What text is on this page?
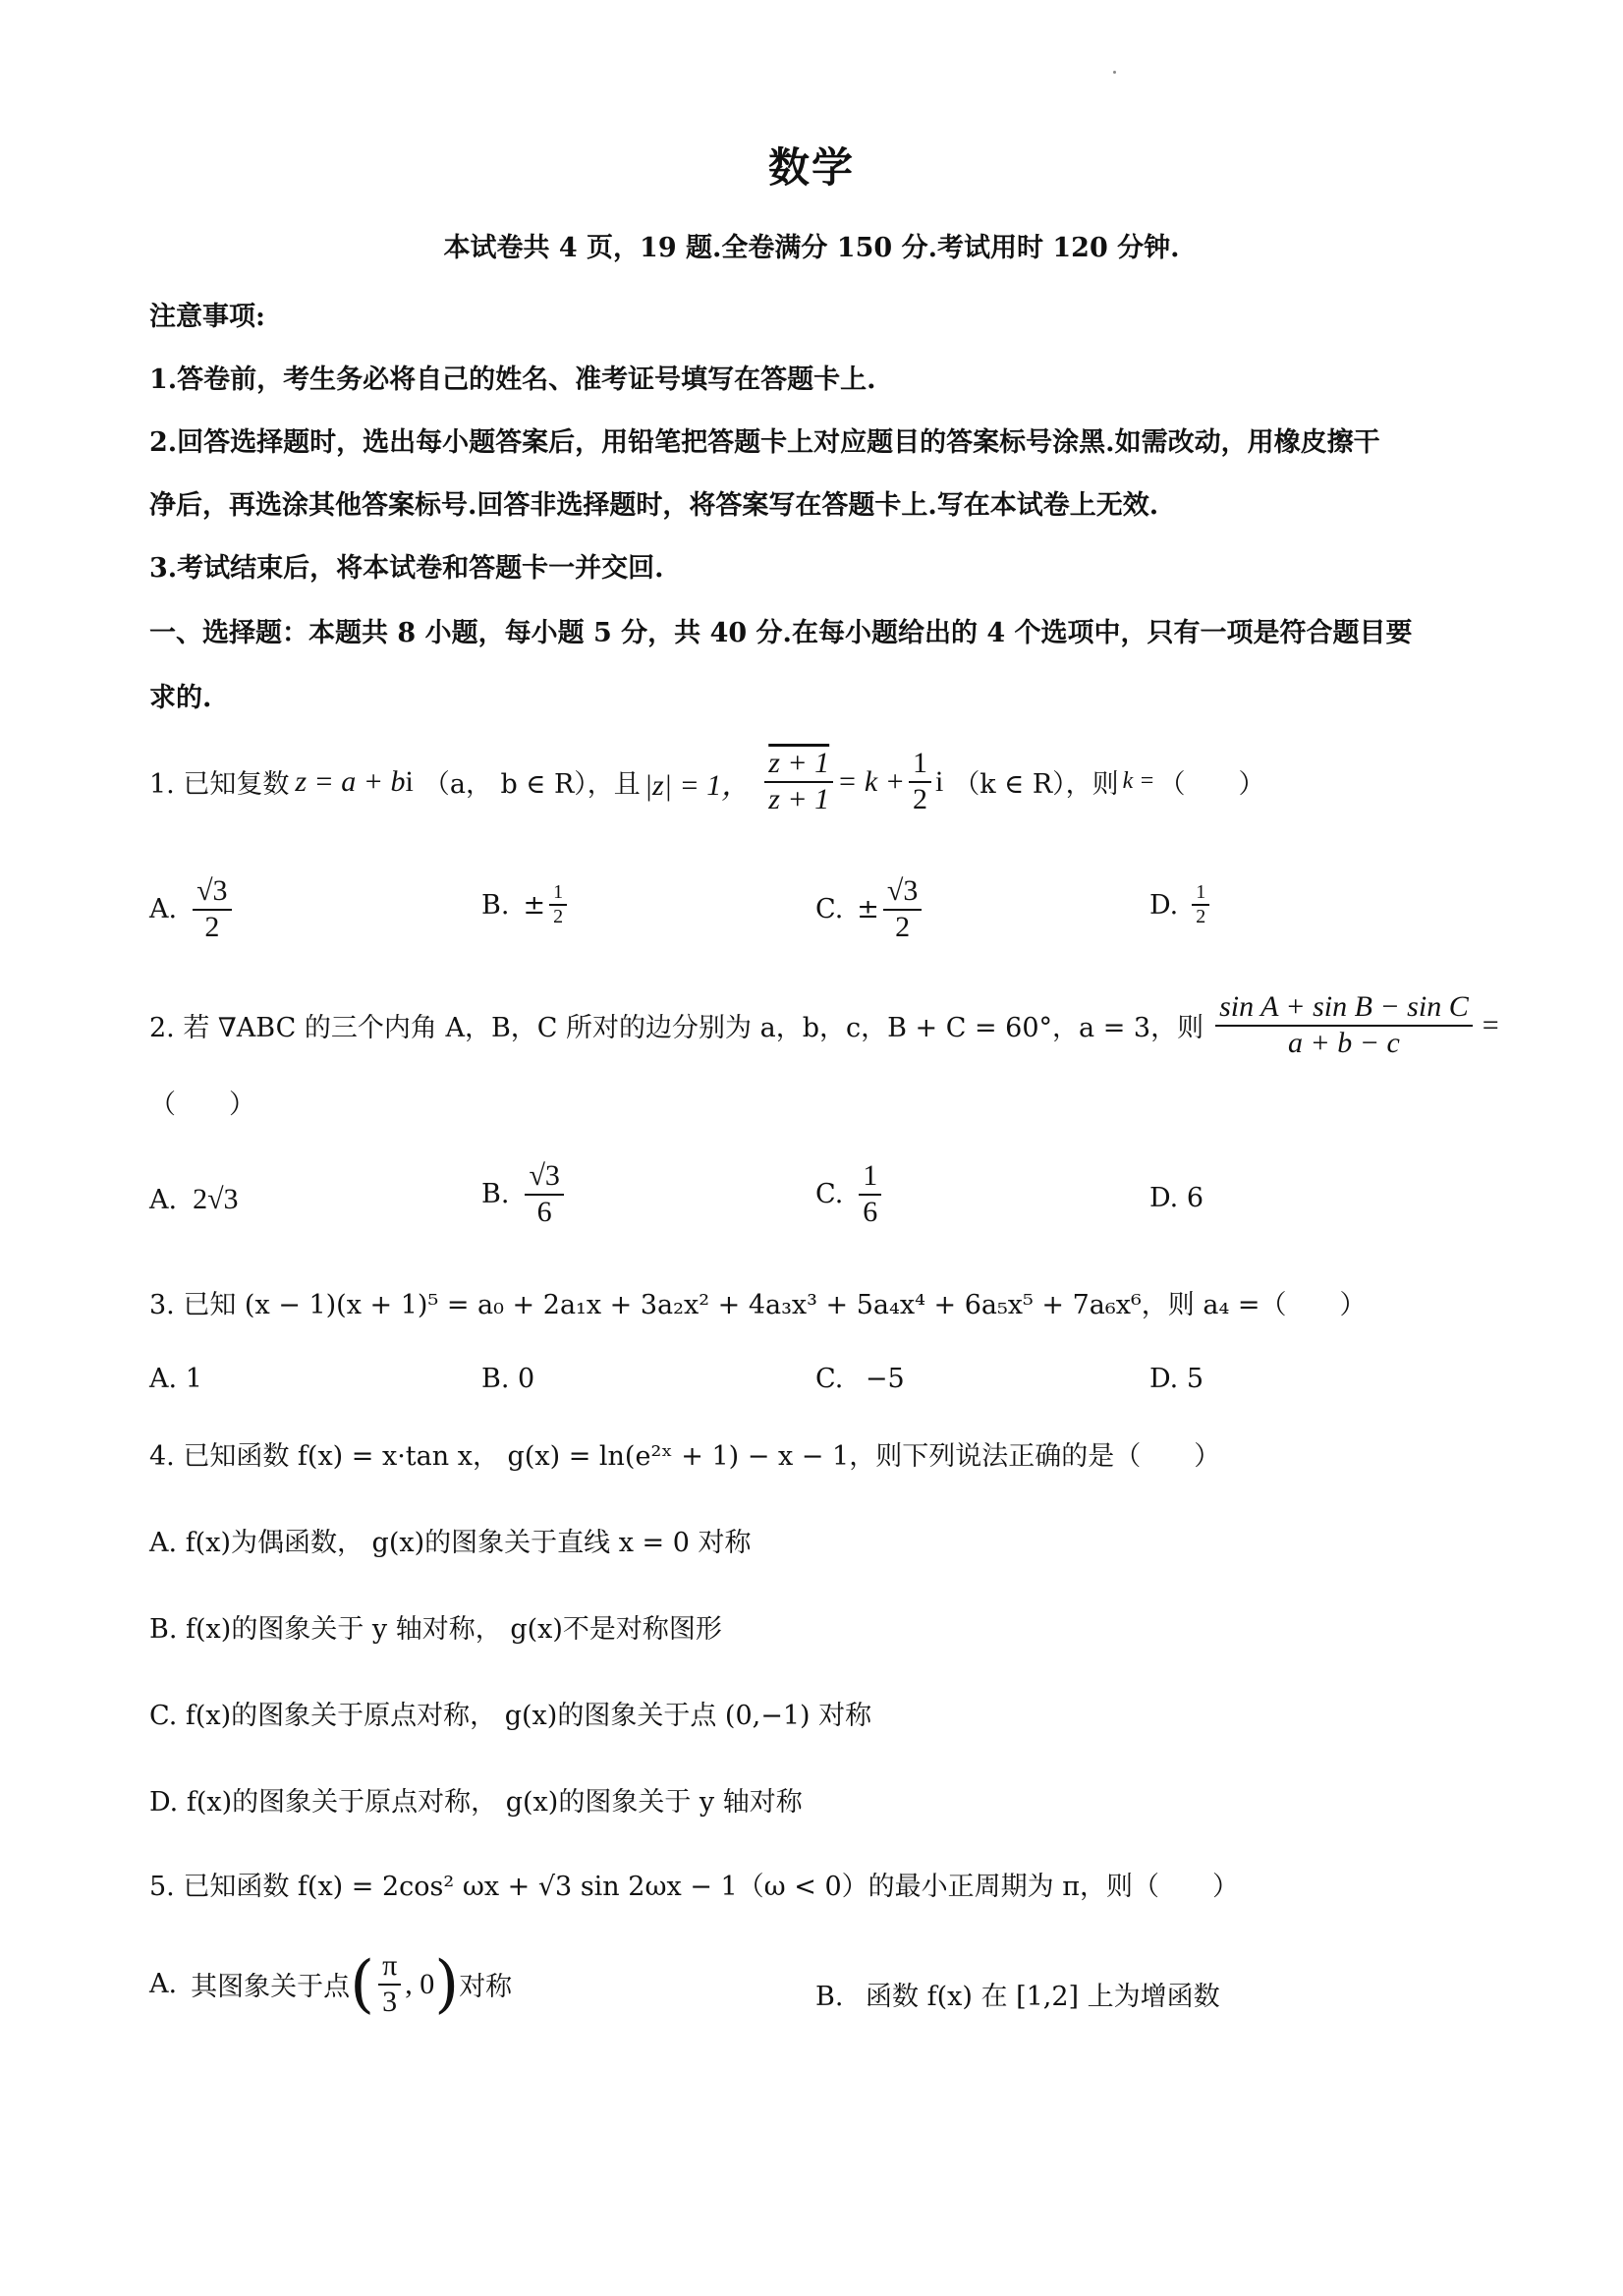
数学
本试卷共 4 页，19 题.全卷满分 150 分.考试用时 120 分钟.
注意事项:
1.答卷前，考生务必将自己的姓名、准考证号填写在答题卡上.
2.回答选择题时，选出每小题答案后，用铅笔把答题卡上对应题目的答案标号涂黑.如需改动，用橡皮擦干
净后，再选涂其他答案标号.回答非选择题时，将答案写在答题卡上.写在本试卷上无效.
3.考试结束后，将本试卷和答题卡一并交回.
一、选择题：本题共 8 小题，每小题 5 分，共 40 分.在每小题给出的 4 个选项中，只有一项是符合题目要
求的.
1. 已知复数 z = a + b i （a， b ∈ R），且 |z| = 1， $\frac{z + 1}{z + 1} = k + \frac{1}{2}$ i （k ∈ R），则 k = （　　）
A. $\frac{√3}{2}$	B. ± $\frac{1}{2}$	C. ± $\frac{√3}{2}$	D. $\frac{1}{2}$
2. 若 ∇ABC 的三个内角 A，B，C 所对的边分别为 a，b，c，B + C = 60°，a = 3，则 $\frac{\text{sin A + sin B − sin C}}{a + b - c}$ =
（　　）
A. 2√3	B. $\frac{√3}{6}$	C. $\frac{1}{6}$	D. 6
3. 已知 (x − 1)(x + 1)⁵ = a₀ + 2a₁x + 3a₂x² + 4a₃x³ + 5a₄x⁴ + 6a₅x⁵ + 7a₆x⁶，则 a₄ =（　　）
A. 1	B. 0	C. −5	D. 5
4. 已知函数 f(x) = x·tan x， g(x) = ln(e²ˣ + 1) − x − 1，则下列说法正确的是（　　）
A. f(x)为偶函数， g(x)的图象关于直线 x = 0 对称
B. f(x)的图象关于 y 轴对称， g(x)不是对称图形
C. f(x)的图象关于原点对称， g(x)的图象关于点 (0,−1) 对称
D. f(x)的图象关于原点对称， g(x)的图象关于 y 轴对称
5. 已知函数 f(x) = 2cos² ωx + √3 sin 2ωx − 1（ω < 0）的最小正周期为 π，则（　　）
A. 其图象关于点 ( $\frac{\pi}{3}$ , 0 ) 对称	B. 函数 f(x) 在 [1,2] 上为增函数
